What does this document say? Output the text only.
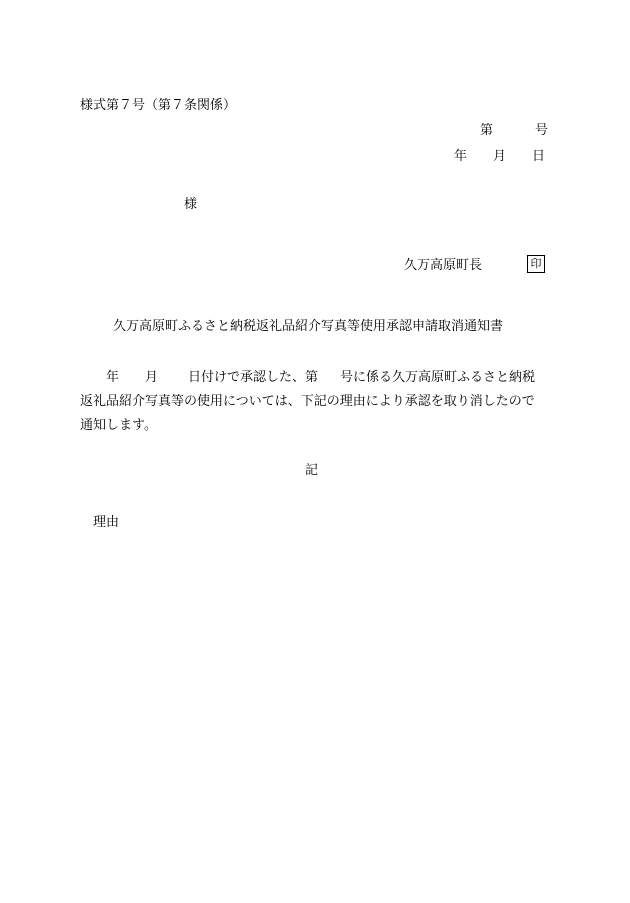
様式第７号（第７条関係）
第	号
年 月 日
様
久万高原町長	印
久万高原町ふるさと納税返礼品紹介写真等使用承認申請取消通知書

年 月 日付けで承認した、第 号に係る久万高原町ふるさと納税

返礼品紹介写真等の使用については、下記の理由により承認を取り消したので

通知します。

記
理由
